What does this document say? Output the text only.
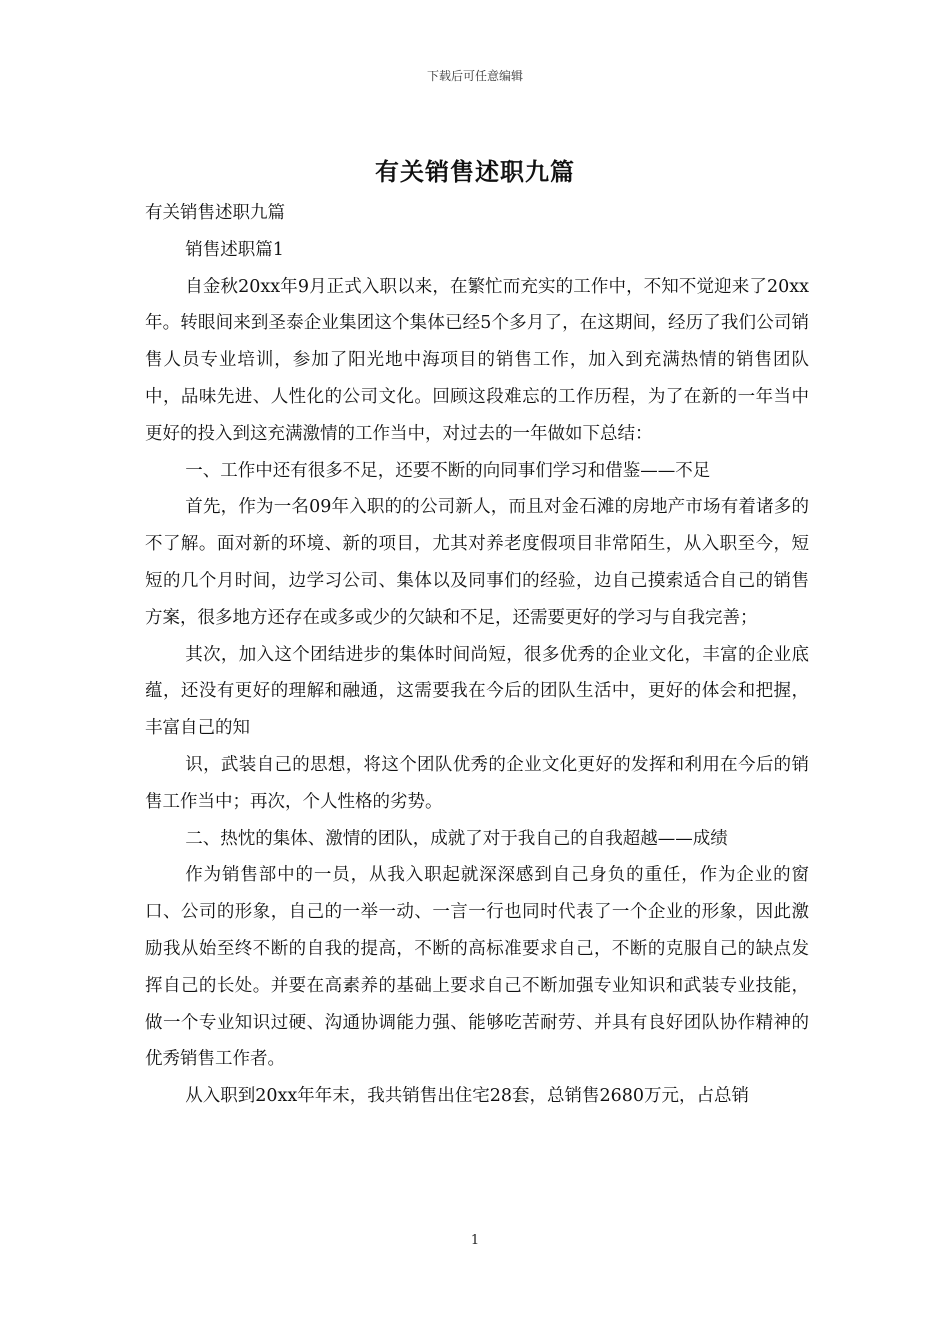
下载后可任意编辑
有关销售述职九篇

有关销售述职九篇

销售述职篇1

自金秋20xx年9月正式入职以来，在繁忙而充实的工作中，不知不觉迎来了20xx年。转眼间来到圣泰企业集团这个集体已经5个多月了，在这期间，经历了我们公司销售人员专业培训，参加了阳光地中海项目的销售工作，加入到充满热情的销售团队中，品味先进、人性化的公司文化。回顾这段难忘的工作历程，为了在新的一年当中更好的投入到这充满激情的工作当中，对过去的一年做如下总结：

一、工作中还有很多不足，还要不断的向同事们学习和借鉴——不足

首先，作为一名09年入职的的公司新人，而且对金石滩的房地产市场有着诸多的不了解。面对新的环境、新的项目，尤其对养老度假项目非常陌生，从入职至今，短短的几个月时间，边学习公司、集体以及同事们的经验，边自己摸索适合自己的销售方案，很多地方还存在或多或少的欠缺和不足，还需要更好的学习与自我完善；

其次，加入这个团结进步的集体时间尚短，很多优秀的企业文化，丰富的企业底蕴，还没有更好的理解和融通，这需要我在今后的团队生活中，更好的体会和把握，丰富自己的知

识，武装自己的思想，将这个团队优秀的企业文化更好的发挥和利用在今后的销售工作当中；再次，个人性格的劣势。

二、热忱的集体、激情的团队，成就了对于我自己的自我超越——成绩

作为销售部中的一员，从我入职起就深深感到自己身负的重任，作为企业的窗口、公司的形象，自己的一举一动、一言一行也同时代表了一个企业的形象，因此激励我从始至终不断的自我的提高，不断的高标准要求自己，不断的克服自己的缺点发挥自己的长处。并要在高素养的基础上要求自己不断加强专业知识和武装专业技能，做一个专业知识过硬、沟通协调能力强、能够吃苦耐劳、并具有良好团队协作精神的优秀销售工作者。

从入职到20xx年年末，我共销售出住宅28套，总销售2680万元，占总销

1
